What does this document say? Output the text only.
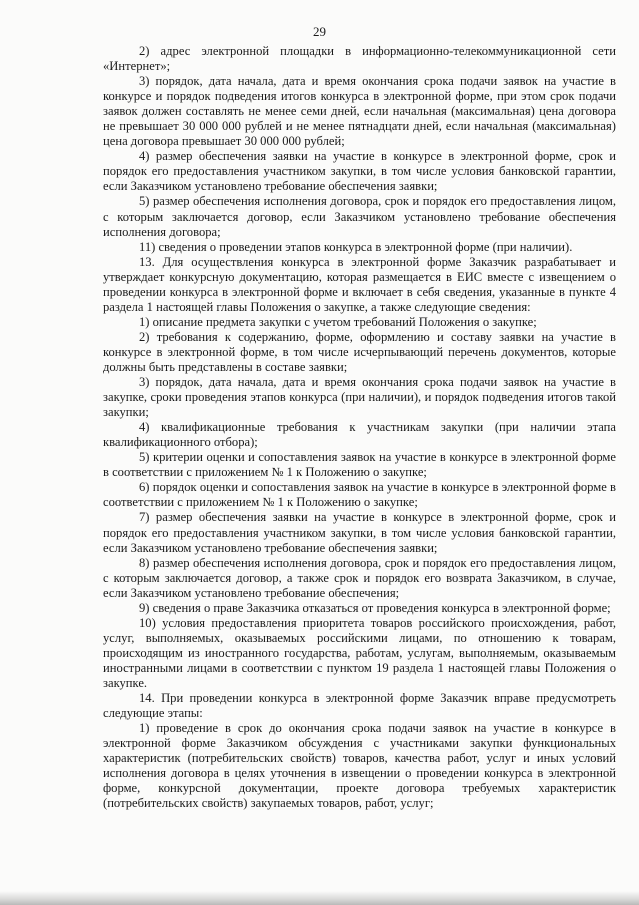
29

2) адрес электронной площадки в информационно-телекоммуникационной сети «Интернет»;

3) порядок, дата начала, дата и время окончания срока подачи заявок на участие в конкурсе и порядок подведения итогов конкурса в электронной форме, при этом срок подачи заявок должен составлять не менее семи дней, если начальная (максимальная) цена договора не превышает 30 000 000 рублей и не менее пятнадцати дней, если начальная (максимальная) цена договора превышает 30 000 000 рублей;

4) размер обеспечения заявки на участие в конкурсе в электронной форме, срок и порядок его предоставления участником закупки, в том числе условия банковской гарантии, если Заказчиком установлено требование обеспечения заявки;

5) размер обеспечения исполнения договора, срок и порядок его предоставления лицом, с которым заключается договор, если Заказчиком установлено требование обеспечения исполнения договора;

11) сведения о проведении этапов конкурса в электронной форме (при наличии).

13. Для осуществления конкурса в электронной форме Заказчик разрабатывает и утверждает конкурсную документацию, которая размещается в ЕИС вместе с извещением о проведении конкурса в электронной форме и включает в себя сведения, указанные в пункте 4 раздела 1 настоящей главы Положения о закупке, а также следующие сведения:

1) описание предмета закупки с учетом требований Положения о закупке;

2) требования к содержанию, форме, оформлению и составу заявки на участие в конкурсе в электронной форме, в том числе исчерпывающий перечень документов, которые должны быть представлены в составе заявки;

3) порядок, дата начала, дата и время окончания срока подачи заявок на участие в закупке, сроки проведения этапов конкурса (при наличии), и порядок подведения итогов такой закупки;

4) квалификационные требования к участникам закупки (при наличии этапа квалификационного отбора);

5) критерии оценки и сопоставления заявок на участие в конкурсе в электронной форме в соответствии с приложением № 1 к Положению о закупке;

6) порядок оценки и сопоставления заявок на участие в конкурсе в электронной форме в соответствии с приложением № 1 к Положению о закупке;

7) размер обеспечения заявки на участие в конкурсе в электронной форме, срок и порядок его предоставления участником закупки, в том числе условия банковской гарантии, если Заказчиком установлено требование обеспечения заявки;

8) размер обеспечения исполнения договора, срок и порядок его предоставления лицом, с которым заключается договор, а также срок и порядок его возврата Заказчиком, в случае, если Заказчиком установлено требование обеспечения;

9) сведения о праве Заказчика отказаться от проведения конкурса в электронной форме;

10) условия предоставления приоритета товаров российского происхождения, работ, услуг, выполняемых, оказываемых российскими лицами, по отношению к товарам, происходящим из иностранного государства, работам, услугам, выполняемым, оказываемым иностранными лицами в соответствии с пунктом 19 раздела 1 настоящей главы Положения о закупке.

14. При проведении конкурса в электронной форме Заказчик вправе предусмотреть следующие этапы:

1) проведение в срок до окончания срока подачи заявок на участие в конкурсе в электронной форме Заказчиком обсуждения с участниками закупки функциональных характеристик (потребительских свойств) товаров, качества работ, услуг и иных условий исполнения договора в целях уточнения в извещении о проведении конкурса в электронной форме, конкурсной документации, проекте договора требуемых характеристик (потребительских свойств) закупаемых товаров, работ, услуг;
